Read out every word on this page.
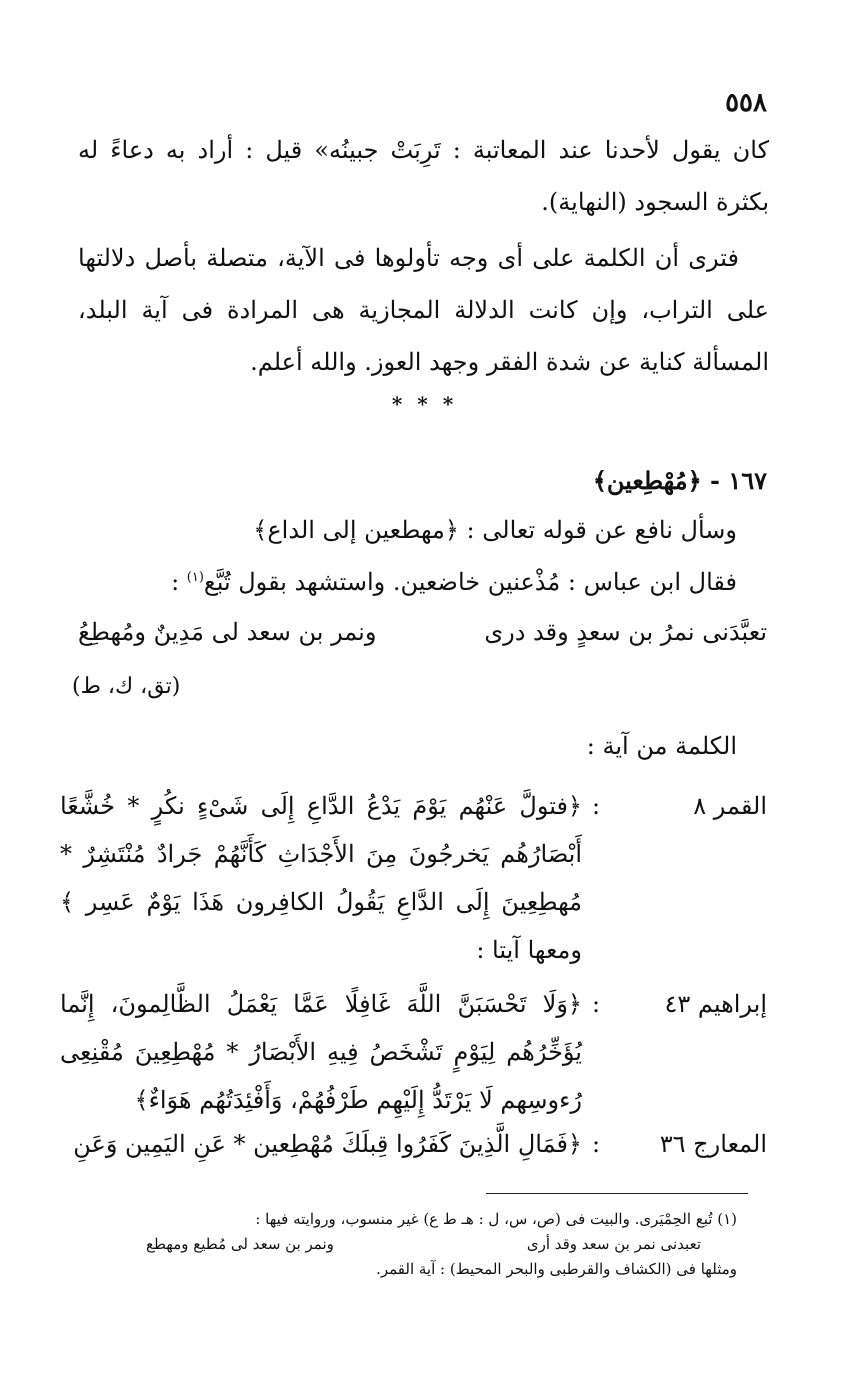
٥٥٨
كان يقول لأحدنا عند المعاتبة : تَرِبَتْ جبينُه» قيل : أراد به دعاءً له بكثرة السجود (النهاية).
فترى أن الكلمة على أى وجه تأولوها فى الآية، متصلة بأصل دلالتها على التراب، وإن كانت الدلالة المجازية هى المرادة فى آية البلد، المسألة كناية عن شدة الفقر وجهد العوز. والله أعلم.
* * *
١٦٧ - ﴿مُهْطِعين﴾
وسأل نافع عن قوله تعالى : ﴿مهطعين إلى الداع﴾
فقال ابن عباس : مُذْعنين خاضعين. واستشهد بقول تُبَّع$^{(١)}$ :
تعبَّدَنى نمرُ بن سعدٍ وقد درى
ونمر بن سعد لى مَدِينٌ ومُهطِعُ
(تق، ك، ط)
الكلمة من آية :
القمر ٨
:
﴿فتولَّ عَنْهُم يَوْمَ يَدْعُ الدَّاعِ إِلَى شَىْءٍ نكُرٍ * خُشَّعًا أَبْصَارُهُم يَخرجُونَ مِنَ الأَجْدَاثِ كَأَنَّهُمْ جَرادٌ مُنْتَشِرٌ * مُهطِعِينَ إِلَى الدَّاعِ يَقُولُ الكافِرون هَذَا يَوْمٌ عَسِر ﴾ ومعها آيتا :
إبراهيم ٤٣
:
﴿وَلَا تَحْسَبَنَّ اللَّهَ غَافِلًا عَمَّا يَعْمَلُ الظَّالِمونَ، إِنَّما يُؤَخِّرُهُم لِيَوْمٍ تَشْخَصُ فِيهِ الأَبْصَارُ * مُهْطِعِينَ مُقْنِعِى رُءوسِهم لَا يَرْتَدُّ إِلَيْهِم طَرْفُهُمْ، وَأَفْئِدَتُهُم هَوَاءٌ﴾
المعارج ٣٦
:
﴿فَمَالِ الَّذِينَ كَفَرُوا قِبلَكَ مُهْطِعين * عَنِ اليَمِين وَعَنِ
(١) تُبع الحِمْيَرى. والبيت فى (ص، س، ل : هـ ط ع) غير منسوب، وروايته فيها :
تعبدنى نمر بن سعد وقد أرى
ونمر بن سعد لى مُطيع ومهطع
ومثلها فى (الكشاف والقرطبى والبحر المحيط) : آية القمر.
